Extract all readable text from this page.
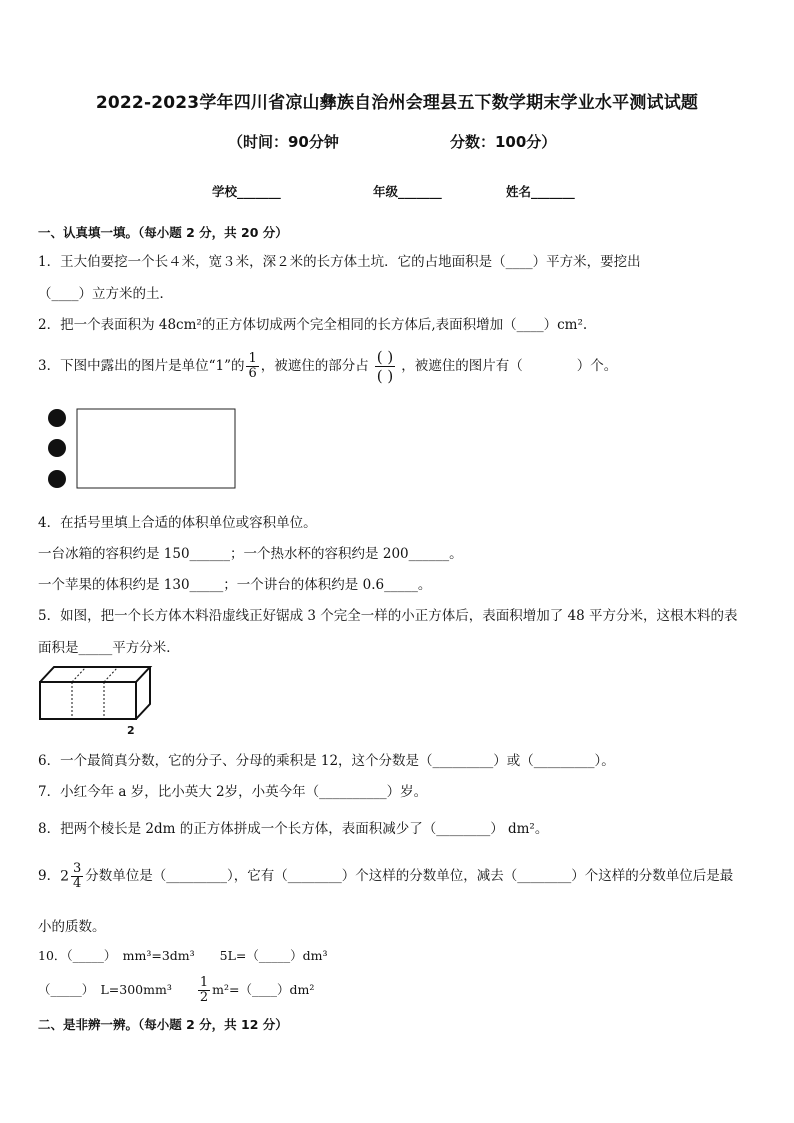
2022-2023学年四川省凉山彝族自治州会理县五下数学期末学业水平测试试题
（时间：90分钟	分数：100分）
学校_______	年级_______	姓名_______
一、认真填一填。（每小题 2 分，共 20 分）
1．王大伯要挖一个长４米，宽３米，深２米的长方体土坑．它的占地面积是（____）平方米，要挖出
（____）立方米的土．
2．把一个表面积为 48cm²的正方体切成两个完全相同的长方体后,表面积增加（____）cm².
3．下图中露出的图片是单位“1”的 $\frac{1}{6}$ ，被遮住的部分占 $\frac{( )}{( )}$ ，被遮住的图片有（　　　　）个。
4．在括号里填上合适的体积单位或容积单位。
一台冰箱的容积约是 150______；一个热水杯的容积约是 200______。
一个苹果的体积约是 130_____；一个讲台的体积约是 0.6_____。
5．如图，把一个长方体木料沿虚线正好锯成 3 个完全一样的小正方体后，表面积增加了 48 平方分米，这根木料的表
面积是_____平方分米．
2
6．一个最简真分数，它的分子、分母的乘积是 12，这个分数是（_________）或（_________）。
7．小红今年 a 岁，比小英大 2岁，小英今年（__________）岁。
8．把两个棱长是 2dm 的正方体拼成一个长方体，表面积减少了（________） dm²。
9．$2 \frac{3}{4}$ 分数单位是（_________），它有（________）个这样的分数单位，减去（________）个这样的分数单位后是最
小的质数。
10．（_____）　mm³=3dm³　　5L=（_____）dm³
（_____）　$L=300mm^3 \frac{1}{2}$ m²=（____）dm²
二、是非辨一辨。（每小题 2 分，共 12 分）
